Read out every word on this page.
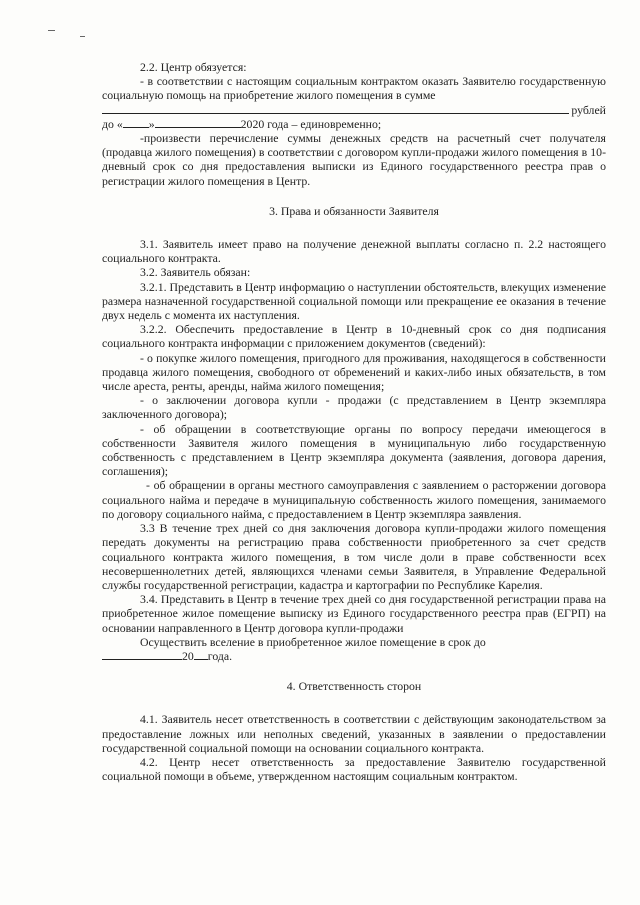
2.2. Центр обязуется:

- в соответствии с настоящим социальным контрактом оказать Заявителю государственную социальную помощь на приобретение жилого помещения в сумме

рублей

до « »	2020 года – единовременно;

-произвести перечисление суммы денежных средств на расчетный счет получателя (продавца жилого помещения) в соответствии с договором купли-продажи жилого помещения в 10-дневный срок со дня предоставления выписки из Единого государственного реестра прав о регистрации жилого помещения в Центр.

3. Права и обязанности Заявителя

3.1. Заявитель имеет право на получение денежной выплаты согласно п. 2.2 настоящего социального контракта.

3.2. Заявитель обязан:

3.2.1. Представить в Центр информацию о наступлении обстоятельств, влекущих изменение размера назначенной государственной социальной помощи или прекращение ее оказания в течение двух недель с момента их наступления.

3.2.2. Обеспечить предоставление в Центр в 10-дневный срок со дня подписания социального контракта информации с приложением документов (сведений):

- о покупке жилого помещения, пригодного для проживания, находящегося в собственности продавца жилого помещения, свободного от обременений и каких-либо иных обязательств, в том числе ареста, ренты, аренды, найма жилого помещения;

- о заключении договора купли - продажи (с представлением в Центр экземпляра заключенного договора);

- об обращении в соответствующие органы по вопросу передачи имеющегося в собственности Заявителя жилого помещения в муниципальную либо государственную собственность с представлением в Центр экземпляра документа (заявления, договора дарения, соглашения);

- об обращении в органы местного самоуправления с заявлением о расторжении договора социального найма и передаче в муниципальную собственность жилого помещения, занимаемого по договору социального найма, с предоставлением в Центр экземпляра заявления.

3.3 В течение трех дней со дня заключения договора купли-продажи жилого помещения передать документы на регистрацию права собственности приобретенного за счет средств социального контракта жилого помещения, в том числе доли в праве собственности всех несовершеннолетних детей, являющихся членами семьи Заявителя, в Управление Федеральной службы государственной регистрации, кадастра и картографии по Республике Карелия.

3.4. Представить в Центр в течение трех дней со дня государственной регистрации права на приобретенное жилое помещение выписку из Единого государственного реестра прав (ЕГРП) на основании направленного в Центр договора купли-продажи

Осуществить вселение в приобретенное жилое помещение в срок до

20 года.

4. Ответственность сторон

4.1. Заявитель несет ответственность в соответствии с действующим законодательством за предоставление ложных или неполных сведений, указанных в заявлении о предоставлении государственной социальной помощи на основании социального контракта.

4.2. Центр несет ответственность за предоставление Заявителю государственной социальной помощи в объеме, утвержденном настоящим социальным контрактом.
